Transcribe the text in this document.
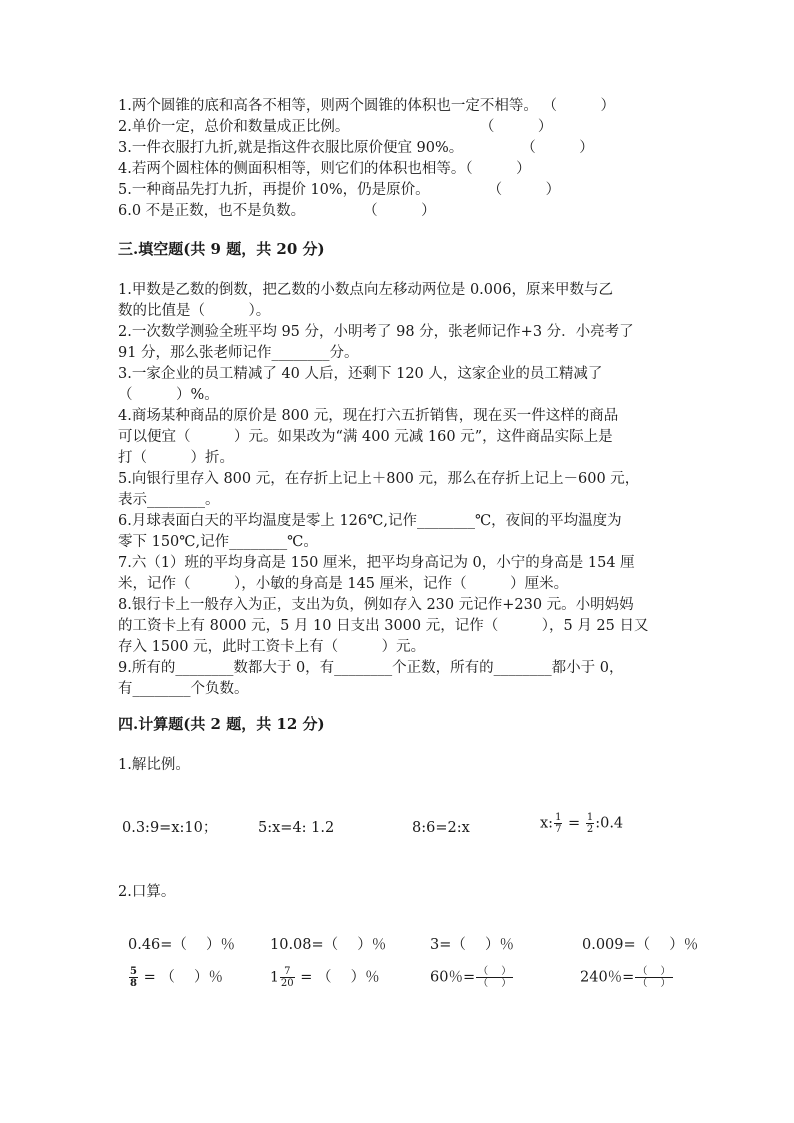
1.两个圆锥的底和高各不相等，则两个圆锥的体积也一定不相等。 （　　　）
2.单价一定，总价和数量成正比例。　　　　　　　　　　（　　　）
3.一件衣服打九折,就是指这件衣服比原价便宜 90%。　　　　　（　　　）
4.若两个圆柱体的侧面积相等，则它们的体积也相等。（　　　）
5.一种商品先打九折，再提价 10%，仍是原价。　　　　　（　　　）
6.0 不是正数，也不是负数。　　　　　（　　　）
三.填空题(共 9 题，共 20 分)
1.甲数是乙数的倒数，把乙数的小数点向左移动两位是 0.006，原来甲数与乙
数的比值是（　　　）。
2.一次数学测验全班平均 95 分，小明考了 98 分，张老师记作+3 分．小亮考了
91 分，那么张老师记作________分。
3.一家企业的员工精减了 40 人后，还剩下 120 人，这家企业的员工精减了
（　　　）%。
4.商场某种商品的原价是 800 元，现在打六五折销售，现在买一件这样的商品
可以便宜（　　　）元。如果改为“满 400 元减 160 元”，这件商品实际上是
打（　　　）折。
5.向银行里存入 800 元，在存折上记上＋800 元，那么在存折上记上－600 元，
表示________。
6.月球表面白天的平均温度是零上 126℃,记作________℃，夜间的平均温度为
零下 150℃,记作________℃。
7.六（1）班的平均身高是 150 厘米，把平均身高记为 0，小宁的身高是 154 厘
米，记作（　　　），小敏的身高是 145 厘米，记作（　　　）厘米。
8.银行卡上一般存入为正，支出为负，例如存入 230 元记作+230 元。小明妈妈
的工资卡上有 8000 元，5 月 10 日支出 3000 元，记作（　　　），5 月 25 日又
存入 1500 元，此时工资卡上有（　　　）元。
9.所有的________数都大于 0，有________个正数，所有的________都小于 0，
有________个负数。
四.计算题(共 2 题，共 12 分)
1.解比例。
0.3:9=x:10；	5:x=4: 1.2	8:6=2:x	x: $\frac{1}{7} = \frac{1}{2}$ :0.4
2.口算。
0.46=（　 ）％ 10.08=（　 ）％	3=（　 ）％	0.009=（　 ）％
$\frac{5}{8}$ = （　 ）％	$1 \frac{7}{20}$ = （　 ）％	60％= $\frac{( )}{( )}$	240％= $\frac{( )}{( )}$
